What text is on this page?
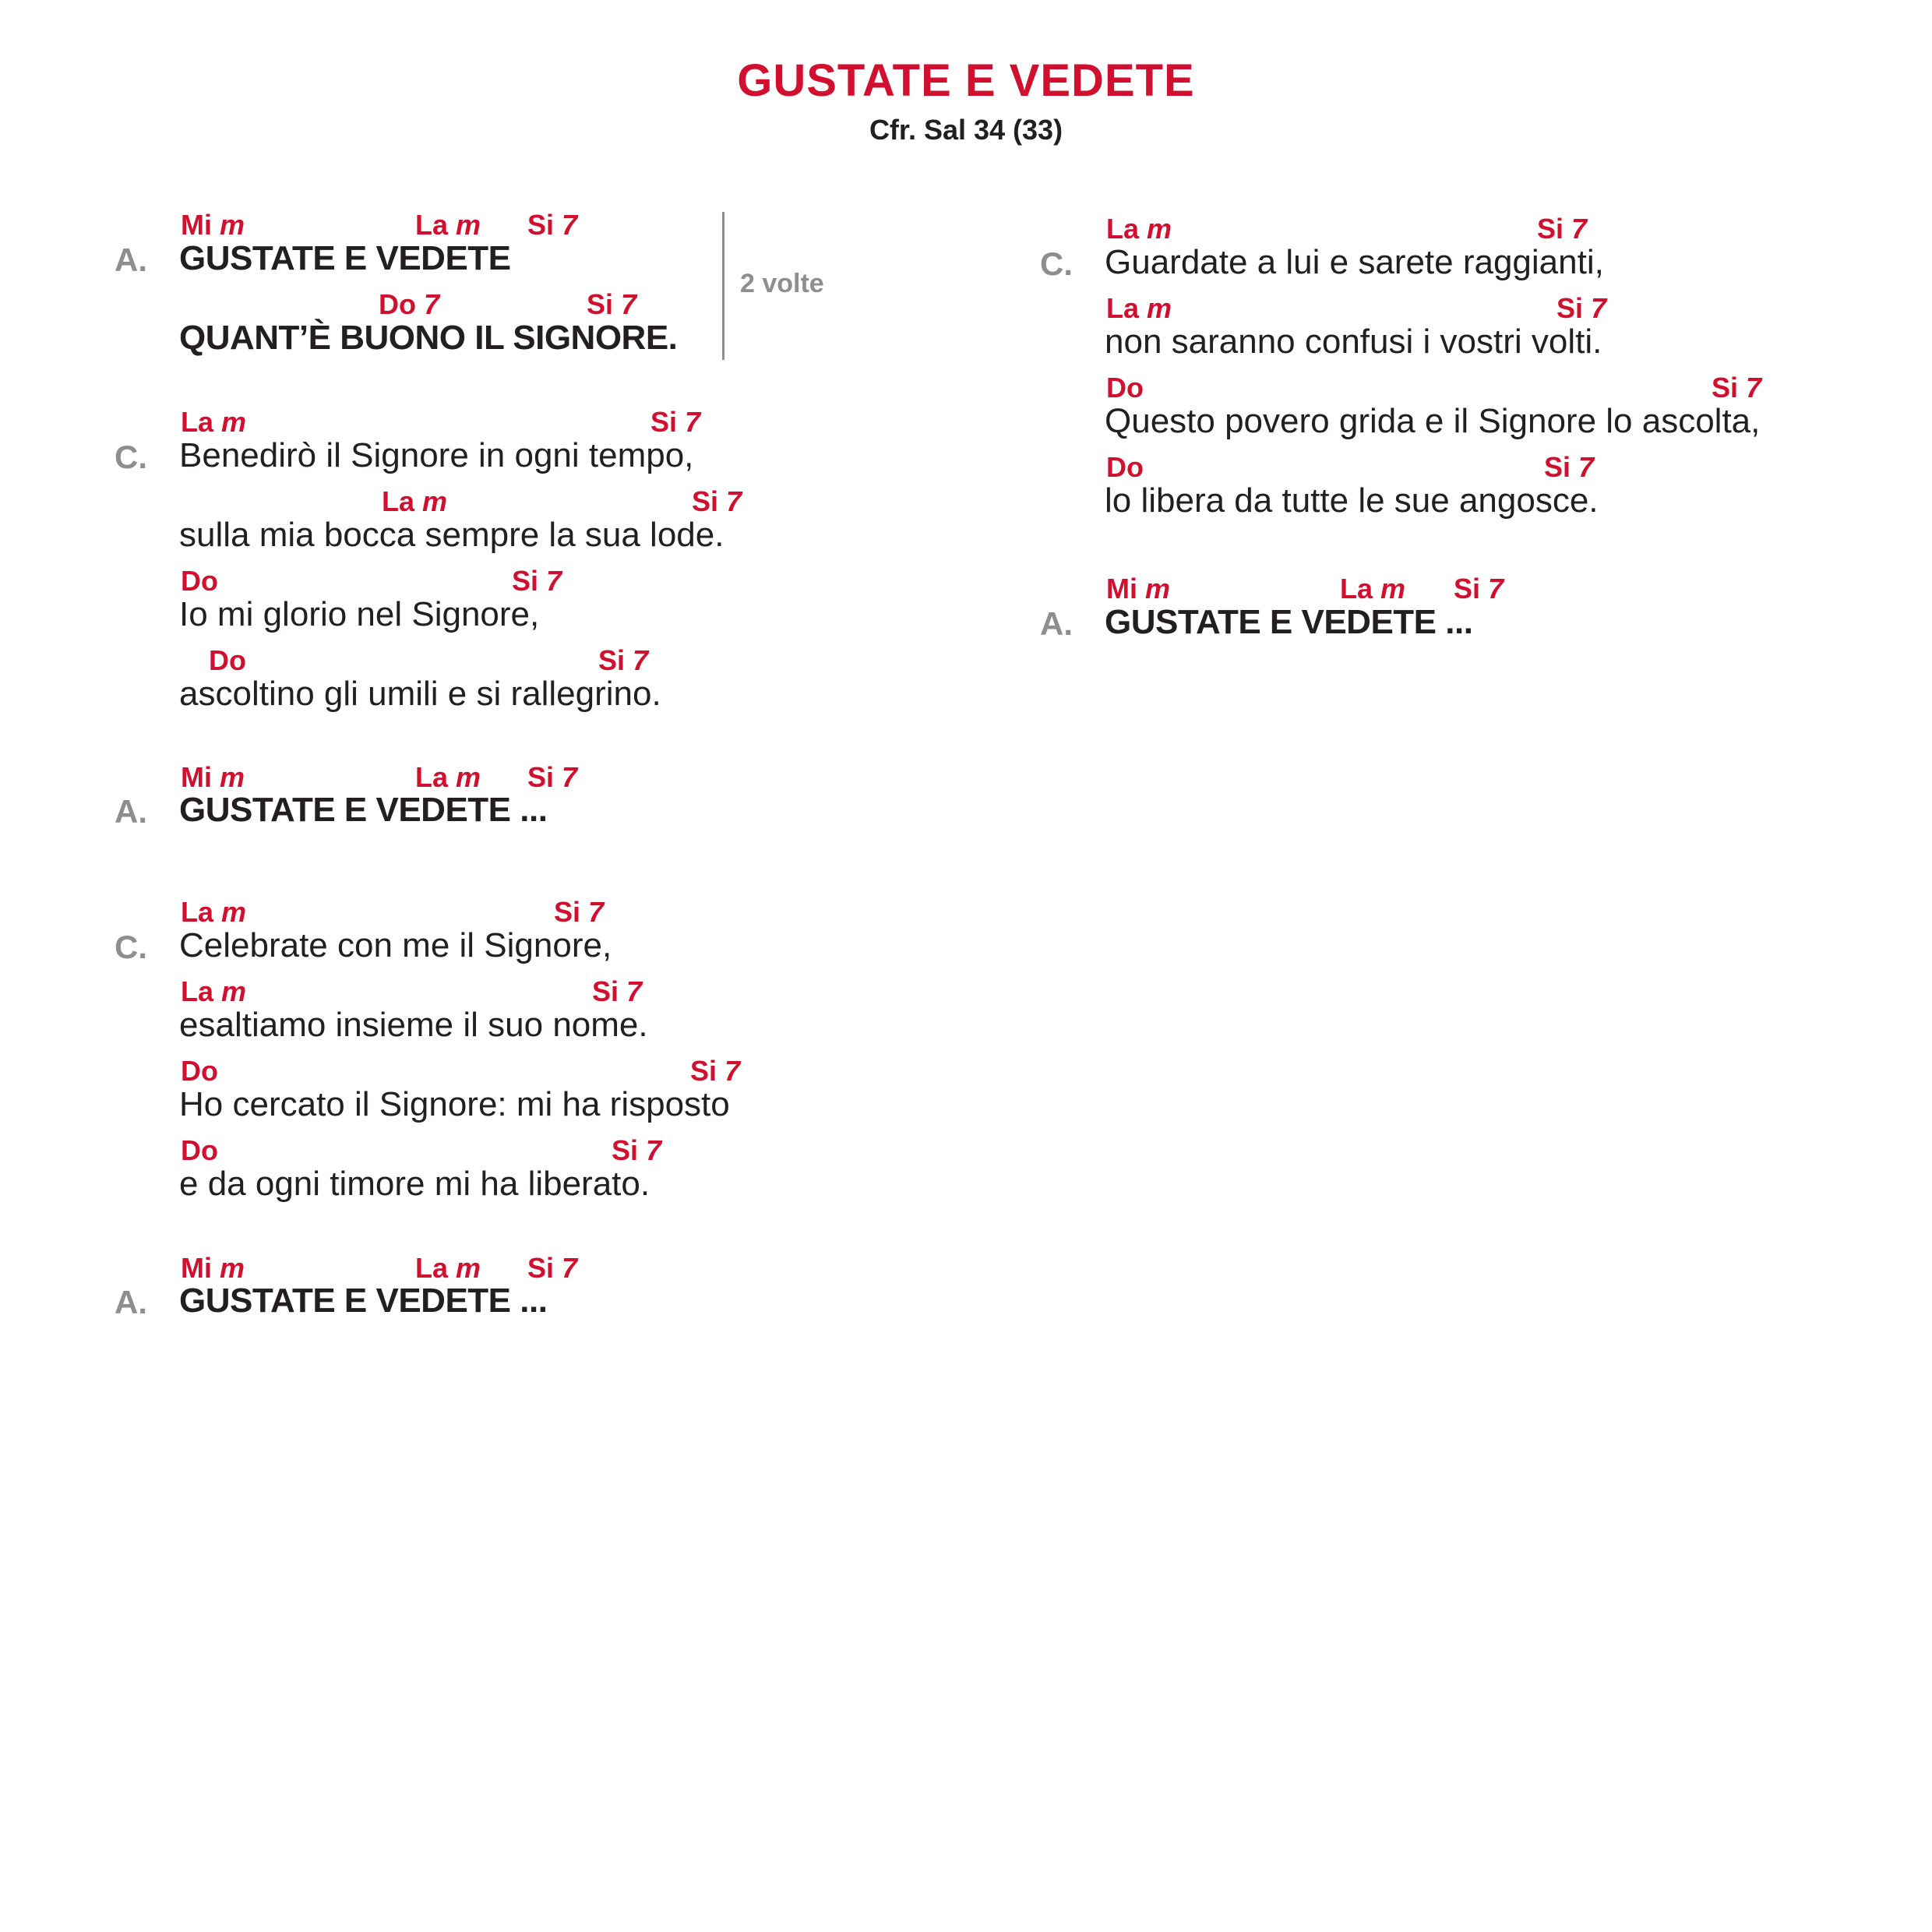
GUSTATE E VEDETE
Cfr. Sal 34 (33)
Mi m	La m Si 7
A. GUSTATE E VEDETE
Do 7	Si 7
QUANT’È BUONO IL SIGNORE.
2 volte
La m	Si 7
C. Benedirò il Signore in ogni tempo,
La m	Si 7
sulla mia bocca sempre la sua lode.
Do	Si 7
Io mi glorio nel Signore,
Do	Si 7
ascoltino gli umili e si rallegrino.
Mi m	La m Si 7
A. GUSTATE E VEDETE ...
La m	Si 7
C. Celebrate con me il Signore,
La m	Si 7
esaltiamo insieme il suo nome.
Do	Si 7
Ho cercato il Signore: mi ha risposto
Do	Si 7
e da ogni timore mi ha liberato.
Mi m	La m Si 7
A. GUSTATE E VEDETE ...
La m	Si 7
C. Guardate a lui e sarete raggianti,
La m	Si 7
non saranno confusi i vostri volti.
Do	Si 7
Questo povero grida e il Signore lo ascolta,
Do	Si 7
lo libera da tutte le sue angosce.
Mi m	La m Si 7
A. GUSTATE E VEDETE ...
